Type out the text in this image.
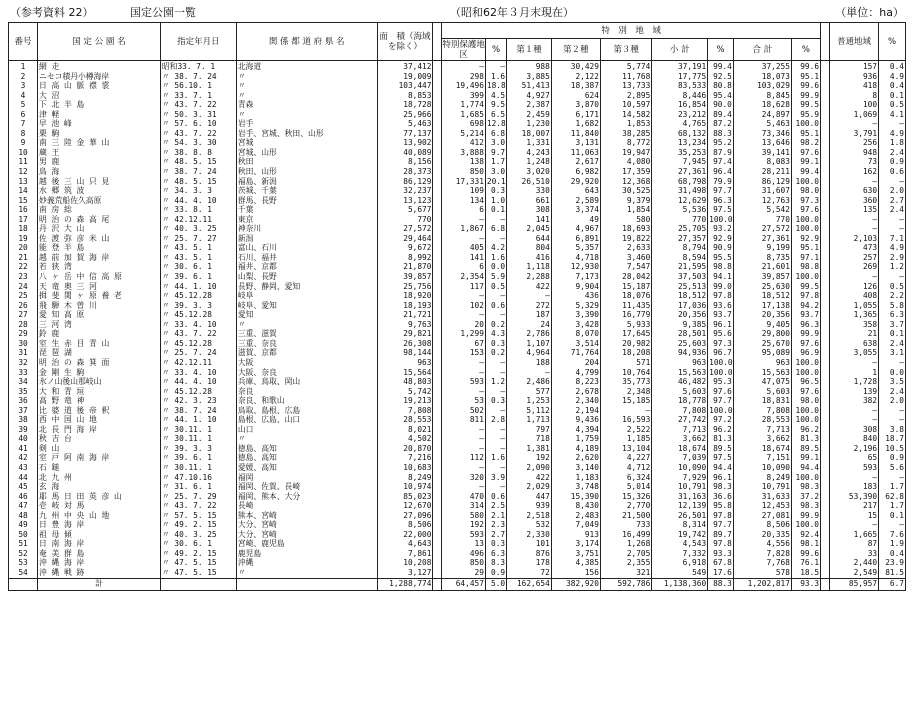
（参考資料 22）	国定公園一覧	（昭和62年３月末現在）	（単位：ha）
番号	国 定 公 園 名	指定年月日	関 係 都 道 府 県 名	面　積（海域を除く）		特　別　地　域										普通地域	%
						特別保護地区	%	第１種	第２種	第３種	小 計	%	合 計	%			
1	網 走	昭和33. 7. 1	北海道	37,412		—	—	988	30,429	5,774	37,191	99.4	37,255	99.6		157	0.4
2	ニセコ積丹小樽海岸	〃 38. 7. 24	〃	19,009		298	1.6	3,885	2,122	11,768	17,775	92.5	18,073	95.1		936	4.9
3	日 高 山 脈 襟 裳	〃 56.10. 1	〃	103,447		19,496	18.8	51,413	18,387	13,733	83,533	80.8	103,029	99.6		418	0.4
4	大 沼	〃 33. 7. 1	〃	8,853		399	4.5	4,927	624	2,895	8,446	95.4	8,845	99.9		8	0.1
5	下 北 半 島	〃 43. 7. 22	青森	18,728		1,774	9.5	2,387	3,870	10,597	16,854	90.0	18,628	99.5		100	0.5
6	津 軽	〃 50. 3. 31	〃	25,966		1,685	6.5	2,459	6,171	14,582	23,212	89.4	24,897	95.9		1,069	4.1
7	早 池 峰	〃 57. 6. 10	岩手	5,463		698	12.8	1,230	1,682	1,853	4,765	87.2	5,463	100.0		—	—
8	栗 駒	〃 43. 7. 22	岩手、宮城、秋田、山形	77,137		5,214	6.8	18,007	11,840	38,285	68,132	88.3	73,346	95.1		3,791	4.9
9	南 三 陸 金 華 山	〃 54. 3. 30	宮城	13,902		412	3.0	1,331	3,131	8,772	13,234	95.2	13,646	98.2		256	1.8
10	蔵 王	〃 38. 8. 8	宮城、山形	40,089		3,888	9.7	4,243	11,063	19,947	35,253	87.9	39,141	97.6		948	2.4
11	男 鹿	〃 48. 5. 15	秋田	8,156		138	1.7	1,248	2,617	4,080	7,945	97.4	8,083	99.1		73	0.9
12	鳥 海	〃 38. 7. 24	秋田、山形	28,373		850	3.0	3,020	6,982	17,359	27,361	96.4	28,211	99.4		162	0.6
13	越 後 三 山 只 見	〃 48. 5. 15	福島、新潟	86,129		17,331	20.1	26,510	29,920	12,368	68,798	79.9	86,129	100.0		—	—
14	水 郷 筑 波	〃 34. 3. 3	茨城、千葉	32,237		109	0.3	330	643	30,525	31,498	97.7	31,607	98.0		630	2.0
15	妙義荒船佐久高原	〃 44. 4. 10	群馬、長野	13,123		134	1.0	661	2,589	9,379	12,629	96.3	12,763	97.3		360	2.7
16	南 房 総	〃 33. 8. 1	千葉	5,677		6	0.1	308	3,374	1,854	5,536	97.5	5,542	97.6		135	2.4
17	明 治 の 森 高 尾	〃 42.12.11	東京	770		—	—	141	49	580	770	100.0	770	100.0		—	—
18	丹 沢 大 山	〃 40. 3. 25	神奈川	27,572		1,867	6.8	2,045	4,967	18,693	25,705	93.2	27,572	100.0		—	—
19	佐 渡 弥 彦 米 山	〃 25. 7. 27	新潟	29,464		—	—	644	6,891	19,822	27,357	92.9	27,361	92.9		2,103	7.1
20	能 登 半 島	〃 43. 5. 1	富山、石川	9,672		405	4.2	804	5,357	2,633	8,794	90.9	9,199	95.1		473	4.9
21	越 前 加 賀 海 岸	〃 43. 5. 1	石川、福井	8,992		141	1.6	416	4,718	3,460	8,594	95.5	8,735	97.1		257	2.9
22	若 狭 湾	〃 30. 6. 1	福井、京都	21,870		6	0.0	1,118	12,930	7,547	21,595	98.8	21,601	98.8		269	1.2
23	八 ヶ 岳 中 信 高 原	〃 39. 6. 1	山梨、長野	39,857		2,354	5.9	2,288	7,173	28,042	37,503	94.1	39,857	100.0		—	—
24	天 竜 奥 三 河	〃 44. 1. 10	長野、静岡、愛知	25,756		117	0.5	422	9,904	15,187	25,513	99.0	25,630	99.5		126	0.5
25	揖 斐 関 ヶ 原 養 老	〃 45.12.28	岐阜	18,920		—	—	—	436	18,076	18,512	97.8	18,512	97.8		408	2.2
26	飛 騨 木 曽 川	〃 39. 3. 3	岐阜、愛知	18,193		102	0.6	272	5,329	11,435	17,036	93.6	17,138	94.2		1,055	5.8
27	愛 知 高 原	〃 45.12.28	愛知	21,721		—	—	187	3,390	16,779	20,356	93.7	20,356	93.7		1,365	6.3
28	三 河 湾	〃 33. 4. 10	〃	9,763		20	0.2	24	3,428	5,933	9,385	96.1	9,405	96.3		358	3.7
29	鈴 鹿	〃 43. 7. 22	三重、滋賀	29,821		1,299	4.3	2,786	8,070	17,645	28,501	95.6	29,800	99.9		21	0.1
30	室 生 赤 目 青 山	〃 45.12.28	三重、奈良	26,308		67	0.3	1,107	3,514	20,982	25,603	97.3	25,670	97.6		638	2.4
31	琵 琶 湖	〃 25. 7. 24	滋賀、京都	98,144		153	0.2	4,964	71,764	18,208	94,936	96.7	95,089	96.9		3,055	3.1
32	明 治 の 森 箕 面	〃 42.12.11	大阪	963		—	—	188	204	571	963	100.0	963	100.0		—	—
33	金 剛 生 駒	〃 33. 4. 10	大阪、奈良	15,564		—	—	—	4,799	10,764	15,563	100.0	15,563	100.0		1	0.0
34	氷ノ山後山那岐山	〃 44. 4. 10	兵庫、鳥取、岡山	48,803		593	1.2	2,486	8,223	35,773	46,482	95.3	47,075	96.5		1,728	3.5
35	大 和 青 垣	〃 45.12.28	奈良	5,742		—	—	577	2,678	2,348	5,603	97.6	5,603	97.6		139	2.4
36	高 野 竜 神	〃 42. 3. 23	奈良、和歌山	19,213		53	0.3	1,253	2,340	15,185	18,778	97.7	18,831	98.0		382	2.0
37	比 婆 道 後 帝 釈	〃 38. 7. 24	鳥取、島根、広島	7,808		502	—	5,112	2,194	—	7,808	100.0	7,808	100.0		—	—
38	西 中 国 山 地	〃 44. 1. 10	島根、広島、山口	28,553		811	2.8	1,713	9,436	16,593	27,742	97.2	28,553	100.0		—	—
39	北 長 門 海 岸	〃 30.11. 1	山口	8,021		—	—	797	4,394	2,522	7,713	96.2	7,713	96.2		308	3.8
40	秋 吉 台	〃 30.11. 1	〃	4,502		—	—	718	1,759	1,185	3,662	81.3	3,662	81.3		840	18.7
41	剣 山	〃 39. 3. 3	徳島、高知	20,870		—	—	1,381	4,189	13,104	18,674	89.5	18,674	89.5		2,196	10.5
42	室 戸 阿 南 海 岸	〃 39. 6. 1	徳島、高知	7,216		112	1.6	192	2,620	4,227	7,039	97.5	7,151	99.1		65	0.9
43	石 鎚	〃 30.11. 1	愛媛、高知	10,683		—	—	2,090	3,140	4,712	10,090	94.4	10,090	94.4		593	5.6
44	北 九 州	〃 47.10.16	福岡	8,249		320	3.9	422	1,183	6,324	7,929	96.1	8,249	100.0		—	—
45	玄 海	〃 31. 6. 1	福岡、佐賀、長崎	10,974		—	—	2,029	3,748	5,014	10,791	98.3	10,791	98.3		183	1.7
46	耶 馬 日 田 英 彦 山	〃 25. 7. 29	福岡、熊本、大分	85,023		470	0.6	447	15,390	15,326	31,163	36.6	31,633	37.2		53,390	62.8
47	壱 岐 対 馬	〃 43. 7. 22	長崎	12,670		314	2.5	939	8,430	2,770	12,139	95.8	12,453	98.3		217	1.7
48	九 州 中 央 山 地	〃 57. 5. 15	熊本、宮崎	27,096		580	2.1	2,518	2,483	21,500	26,501	97.8	27,081	99.9		15	0.1
49	日 豊 海 岸	〃 49. 2. 15	大分、宮崎	8,506		192	2.3	532	7,049	733	8,314	97.7	8,506	100.0		—	—
50	祖 母 傾	〃 40. 3. 25	大分、宮崎	22,000		593	2.7	2,330	913	16,499	19,742	89.7	20,335	92.4		1,665	7.6
51	日 南 海 岸	〃 30. 6. 1	宮崎、鹿児島	4,643		13	0.3	101	3,174	1,268	4,543	97.8	4,556	98.1		87	1.9
52	奄 美 群 島	〃 49. 2. 15	鹿児島	7,861		496	6.3	876	3,751	2,705	7,332	93.3	7,828	99.6		33	0.4
53	沖 縄 海 岸	〃 47. 5. 15	沖縄	10,208		850	8.3	178	4,385	2,355	6,918	67.8	7,768	76.1		2,440	23.9
54	沖 縄 戦 跡	〃 47. 5. 15	〃	3,127		29	0.9	72	156	321	549	17.6	578	18.5		2,549	81.5
	計			1,288,774		64,457	5.0	162,654	382,920	592,786	1,138,360	88.3	1,202,817	93.3		85,957	6.7
